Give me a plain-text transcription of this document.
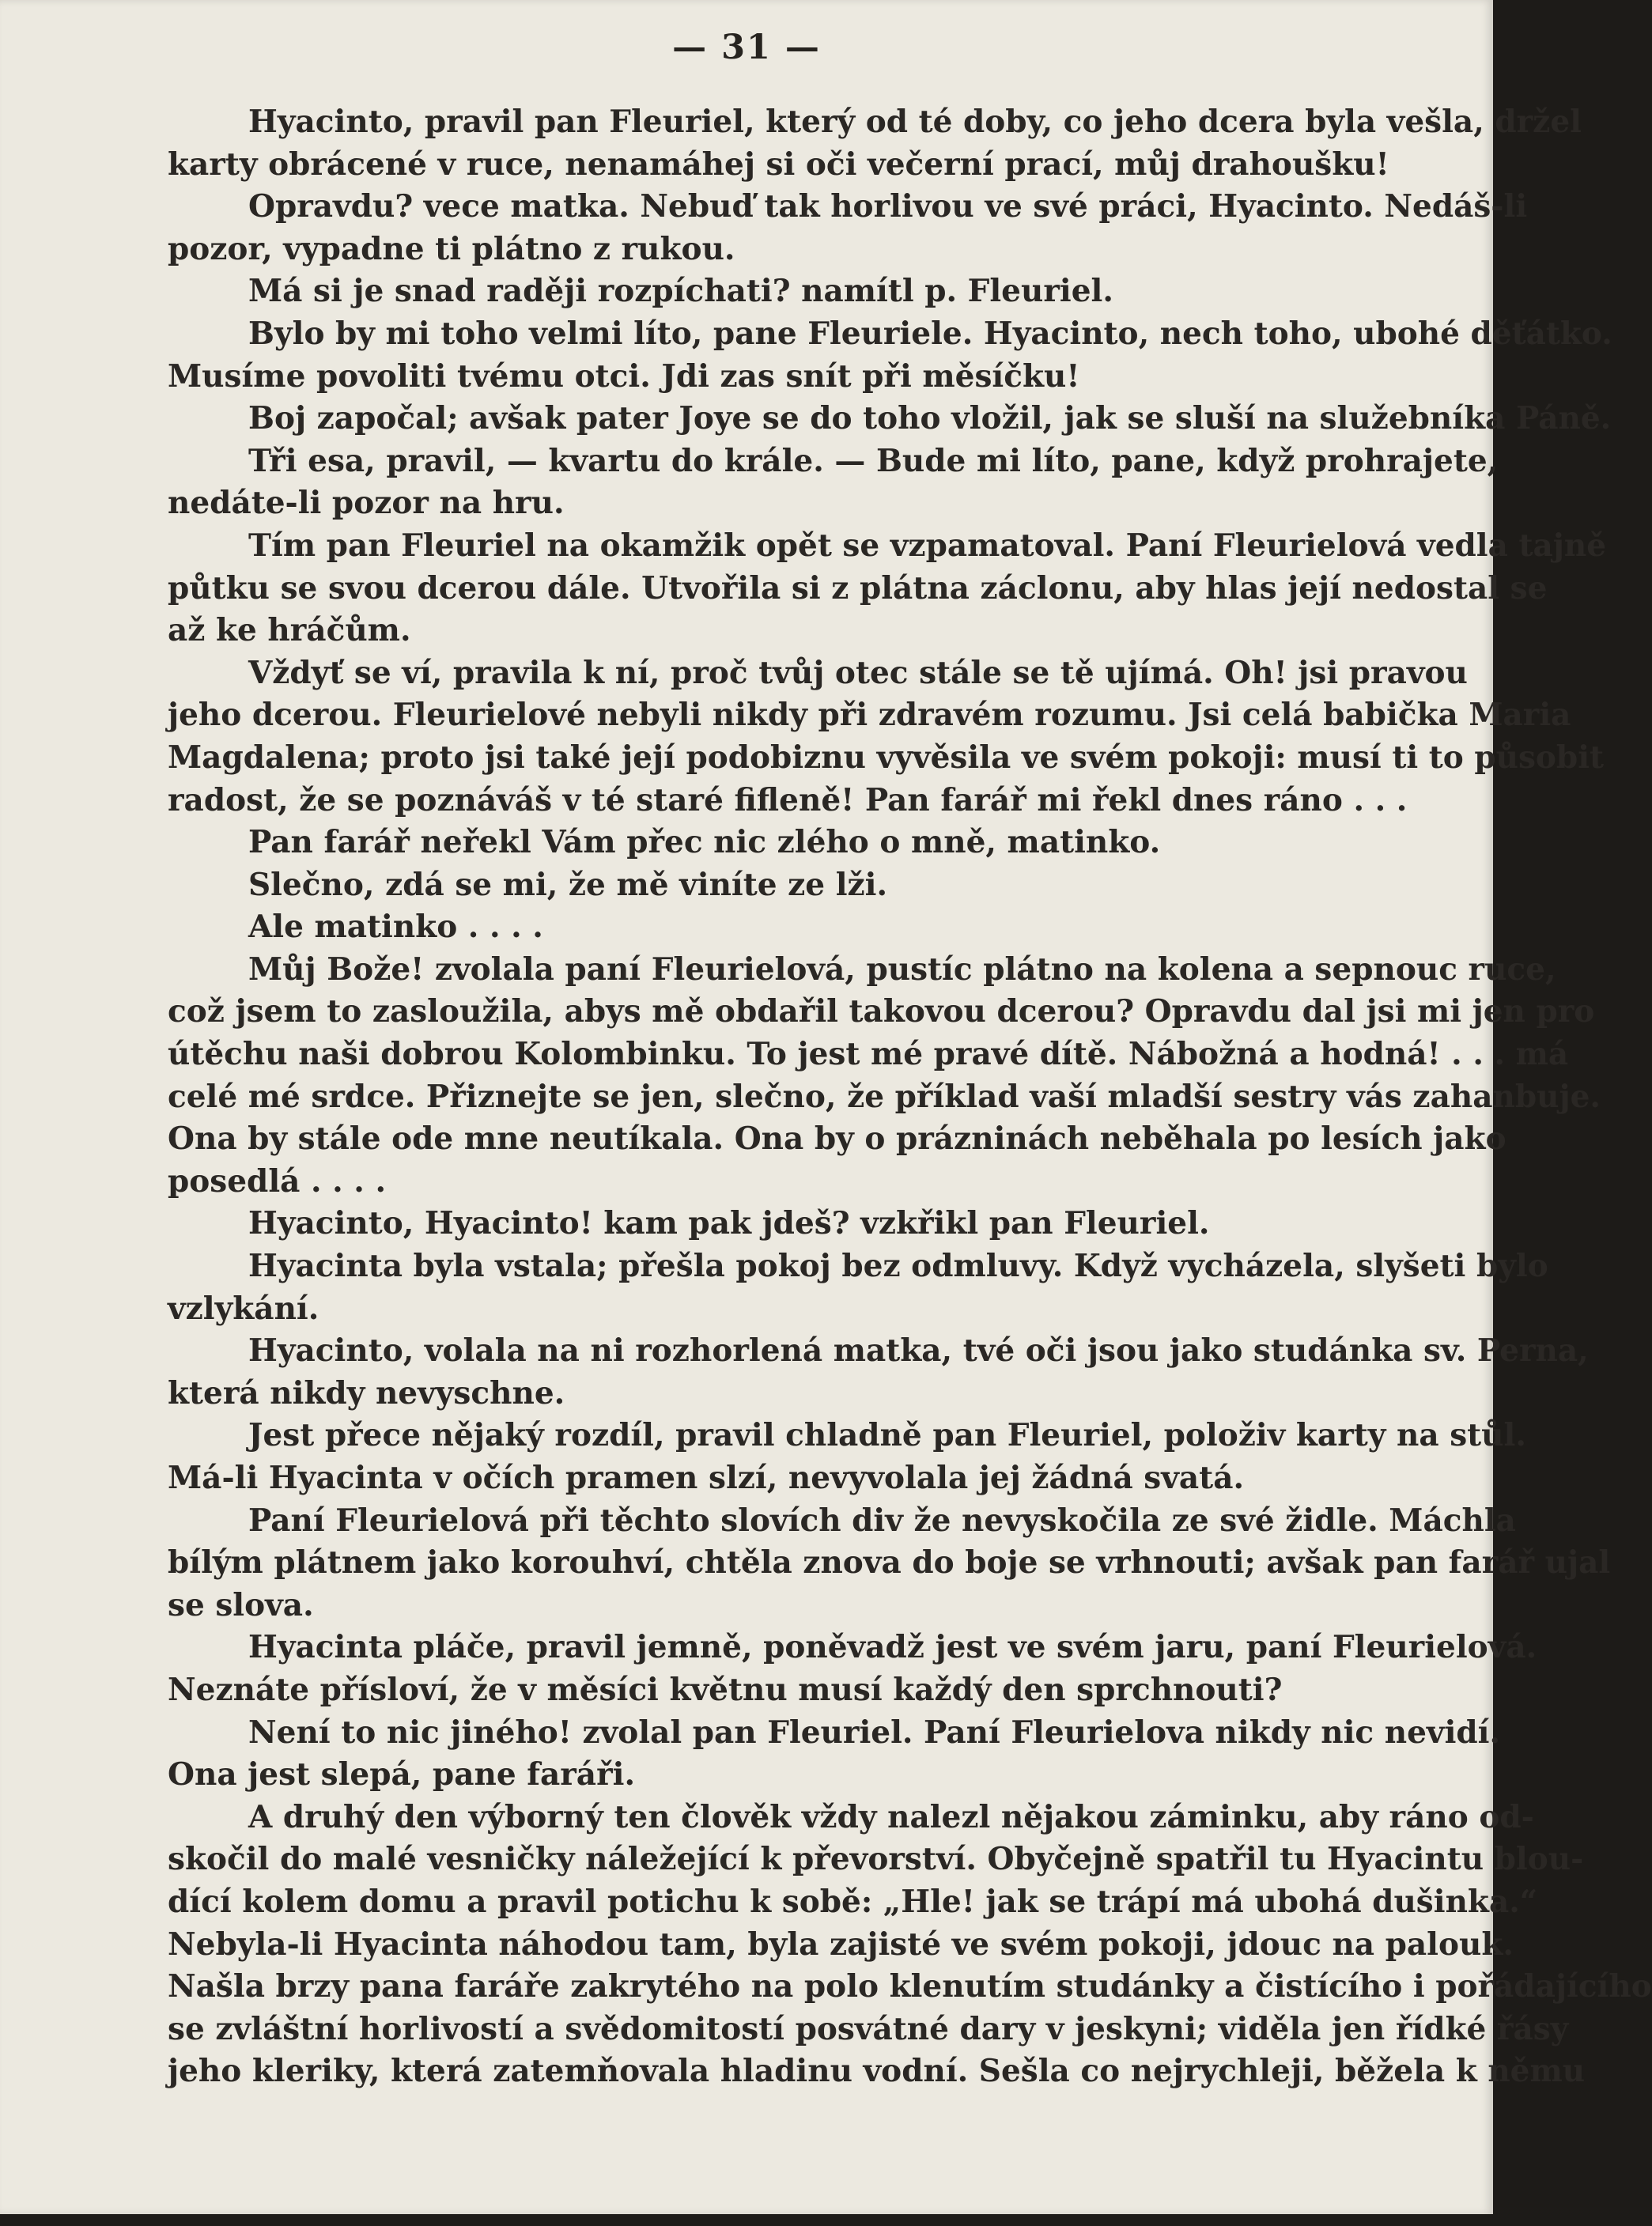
— 31 —
Hyacinto, pravil pan Fleuriel, který od té doby, co jeho dcera byla vešla, držel
karty obrácené v ruce, nenamáhej si oči večerní prací, můj drahoušku!
Opravdu? vece matka. Nebuď tak horlivou ve své práci, Hyacinto. Nedáš-li
pozor, vypadne ti plátno z rukou.
Má si je snad raději rozpíchati? namítl p. Fleuriel.
Bylo by mi toho velmi líto, pane Fleuriele. Hyacinto, nech toho, ubohé děťátko.
Musíme povoliti tvému otci. Jdi zas snít při měsíčku!
Boj započal; avšak pater Joye se do toho vložil, jak se sluší na služebníka Páně.
Tři esa, pravil, — kvartu do krále. — Bude mi líto, pane, když prohrajete,
nedáte-li pozor na hru.
Tím pan Fleuriel na okamžik opět se vzpamatoval. Paní Fleurielová vedla tajně
půtku se svou dcerou dále. Utvořila si z plátna záclonu, aby hlas její nedostal se
až ke hráčům.
Vždyť se ví, pravila k ní, proč tvůj otec stále se tě ujímá. Oh! jsi pravou
jeho dcerou. Fleurielové nebyli nikdy při zdravém rozumu. Jsi celá babička Maria
Magdalena; proto jsi také její podobiznu vyvěsila ve svém pokoji: musí ti to působit
radost, že se poznáváš v té staré fifleně! Pan farář mi řekl dnes ráno . . .
Pan farář neřekl Vám přec nic zlého o mně, matinko.
Slečno, zdá se mi, že mě viníte ze lži.
Ale matinko . . . .
Můj Bože! zvolala paní Fleurielová, pustíc plátno na kolena a sepnouc ruce,
což jsem to zasloužila, abys mě obdařil takovou dcerou? Opravdu dal jsi mi jen pro
útěchu naši dobrou Kolombinku. To jest mé pravé dítě. Nábožná a hodná! . . . má
celé mé srdce. Přiznejte se jen, slečno, že příklad vaší mladší sestry vás zahanbuje.
Ona by stále ode mne neutíkala. Ona by o prázninách neběhala po lesích jako
posedlá . . . .
Hyacinto, Hyacinto! kam pak jdeš? vzkřikl pan Fleuriel.
Hyacinta byla vstala; přešla pokoj bez odmluvy. Když vycházela, slyšeti bylo
vzlykání.
Hyacinto, volala na ni rozhorlená matka, tvé oči jsou jako studánka sv. Perna,
která nikdy nevyschne.
Jest přece nějaký rozdíl, pravil chladně pan Fleuriel, položiv karty na stůl.
Má-li Hyacinta v očích pramen slzí, nevyvolala jej žádná svatá.
Paní Fleurielová při těchto slovích div že nevyskočila ze své židle. Máchla
bílým plátnem jako korouhví, chtěla znova do boje se vrhnouti; avšak pan farář ujal
se slova.
Hyacinta pláče, pravil jemně, poněvadž jest ve svém jaru, paní Fleurielová.
Neznáte přísloví, že v měsíci květnu musí každý den sprchnouti?
Není to nic jiného! zvolal pan Fleuriel. Paní Fleurielova nikdy nic nevidí.
Ona jest slepá, pane faráři.
A druhý den výborný ten člověk vždy nalezl nějakou záminku, aby ráno od-
skočil do malé vesničky náležející k převorství. Obyčejně spatřil tu Hyacintu blou-
dící kolem domu a pravil potichu k sobě: „Hle! jak se trápí má ubohá dušinka.“
Nebyla-li Hyacinta náhodou tam, byla zajisté ve svém pokoji, jdouc na palouk.
Našla brzy pana faráře zakrytého na polo klenutím studánky a čistícího i pořádajícího
se zvláštní horlivostí a svědomitostí posvátné dary v jeskyni; viděla jen řídké řásy
jeho kleriky, která zatemňovala hladinu vodní. Sešla co nejrychleji, běžela k němu
